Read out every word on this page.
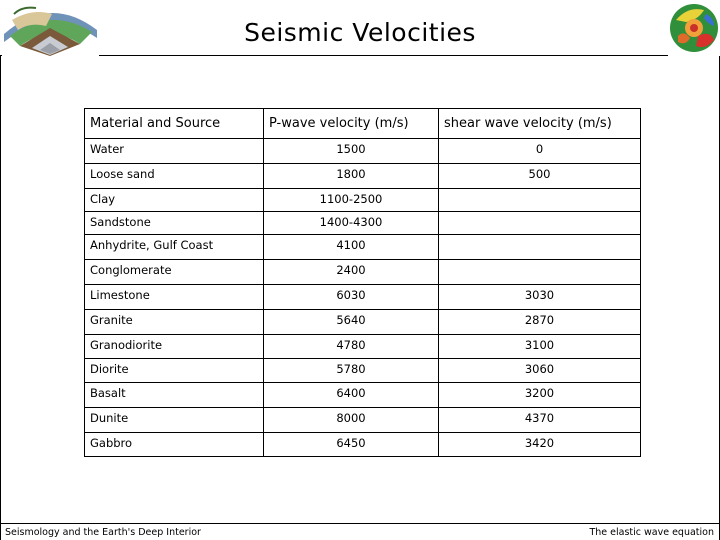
Seismic Velocities
Material and Source	P-wave velocity (m/s)	shear wave velocity (m/s)
Water	1500	0
Loose sand	1800	500
Clay	1100-2500	
Sandstone	1400-4300	
Anhydrite, Gulf Coast	4100	
Conglomerate	2400	
Limestone	6030	3030
Granite	5640	2870
Granodiorite	4780	3100
Diorite	5780	3060
Basalt	6400	3200
Dunite	8000	4370
Gabbro	6450	3420
Seismology and the Earth's Deep Interior	The elastic wave equation
